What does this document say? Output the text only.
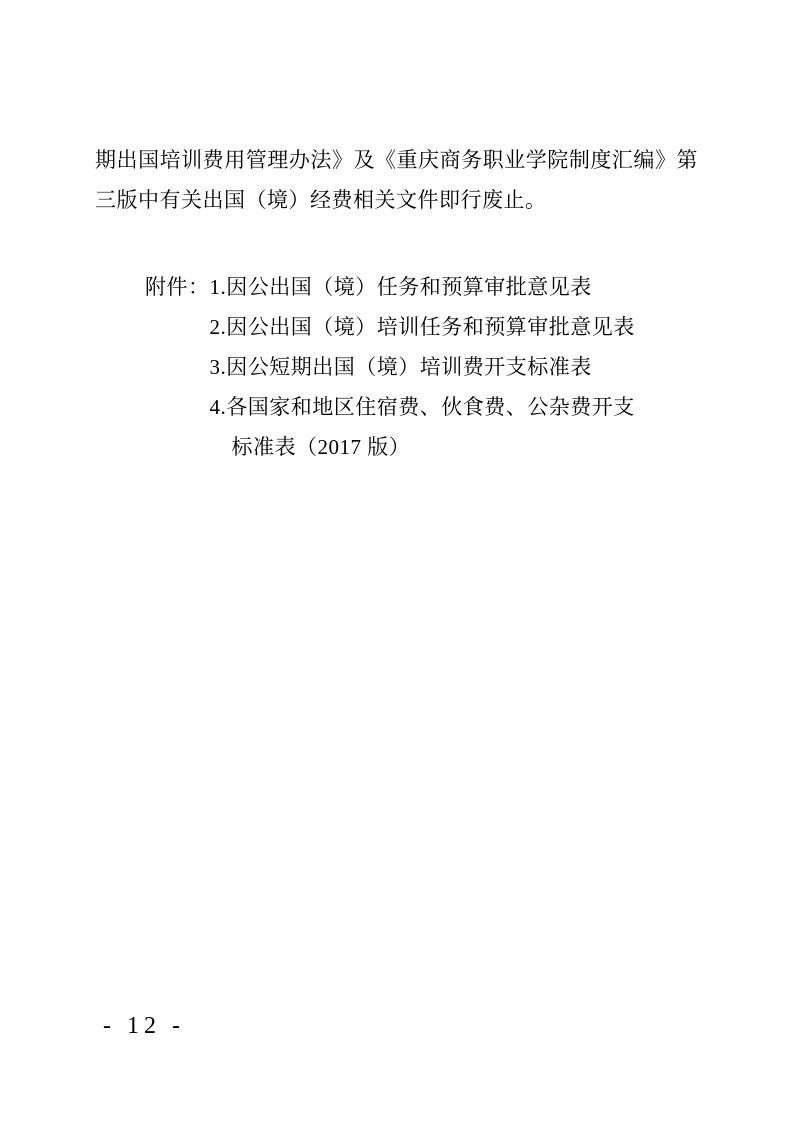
期出国培训费用管理办法》及《重庆商务职业学院制度汇编》第三版中有关出国（境）经费相关文件即行废止。

附件： 1.因公出国（境）任务和预算审批意见表
2.因公出国（境）培训任务和预算审批意见表
3.因公短期出国（境）培训费开支标准表
4.各国家和地区住宿费、伙食费、公杂费开支
标准表（2017 版）
- 12 -
